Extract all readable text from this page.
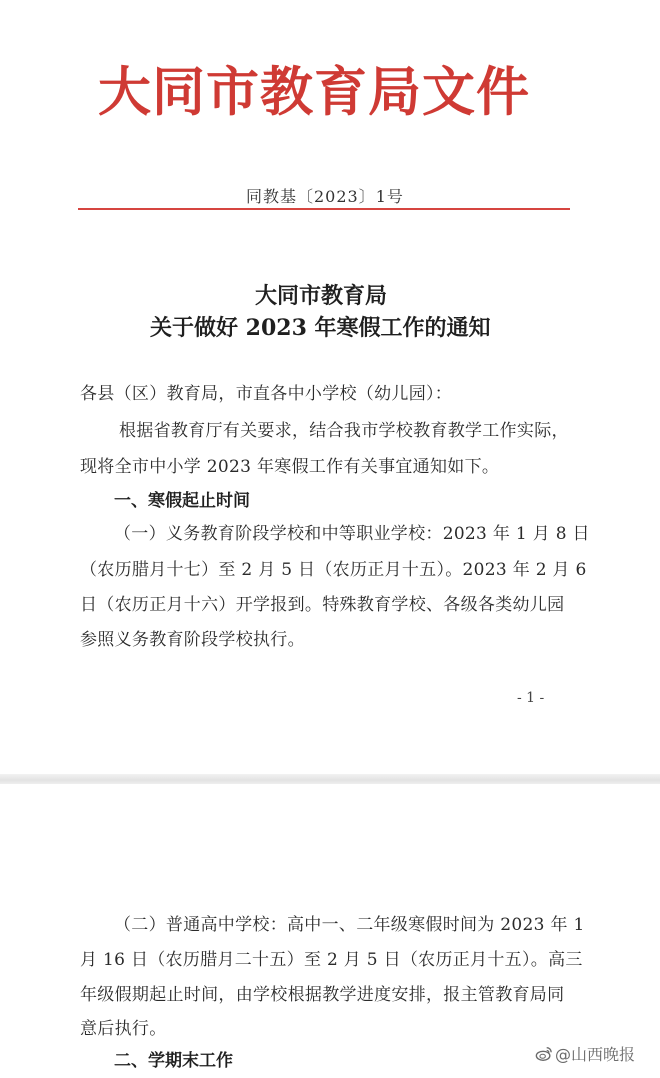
大同市教育局文件
同教基〔2023〕1号
大同市教育局
关于做好 2023 年寒假工作的通知
各县（区）教育局，市直各中小学校（幼儿园）：
根据省教育厅有关要求，结合我市学校教育教学工作实际，
现将全市中小学 2023 年寒假工作有关事宜通知如下。
一、寒假起止时间
（一）义务教育阶段学校和中等职业学校：2023 年 1 月 8 日
（农历腊月十七）至 2 月 5 日（农历正月十五）。2023 年 2 月 6
日（农历正月十六）开学报到。特殊教育学校、各级各类幼儿园
参照义务教育阶段学校执行。
- 1 -
（二）普通高中学校：高中一、二年级寒假时间为 2023 年 1
月 16 日（农历腊月二十五）至 2 月 5 日（农历正月十五）。高三
年级假期起止时间，由学校根据教学进度安排，报主管教育局同
意后执行。
二、学期末工作	@山西晚报
